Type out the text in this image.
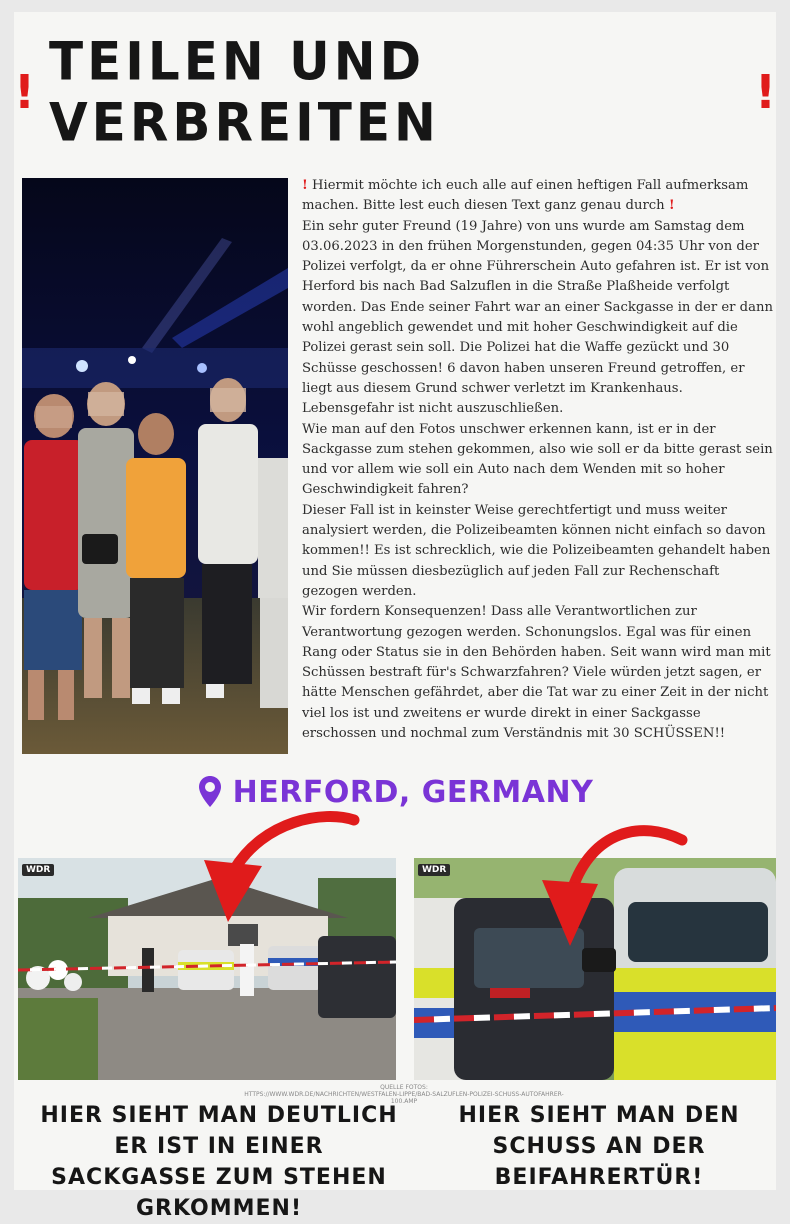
! TEILEN UND VERBREITEN	!

! Hiermit möchte ich euch alle auf einen heftigen Fall aufmerksam machen. Bitte lest euch diesen Text ganz genau durch !

Ein sehr guter Freund (19 Jahre) von uns wurde am Samstag dem 03.06.2023 in den frühen Morgenstunden, gegen 04:35 Uhr von der Polizei verfolgt, da er ohne Führerschein Auto gefahren ist. Er ist von Herford bis nach Bad Salzuflen in die Straße Plaßheide verfolgt worden. Das Ende seiner Fahrt war an einer Sackgasse in der er dann wohl angeblich gewendet und mit hoher Geschwindigkeit auf die Polizei gerast sein soll. Die Polizei hat die Waffe gezückt und 30 Schüsse geschossen! 6 davon haben unseren Freund getroffen, er liegt aus diesem Grund schwer verletzt im Krankenhaus. Lebensgefahr ist nicht auszuschließen.

Wie man auf den Fotos unschwer erkennen kann, ist er in der Sackgasse zum stehen gekommen, also wie soll er da bitte gerast sein und vor allem wie soll ein Auto nach dem Wenden mit so hoher Geschwindigkeit fahren?

Dieser Fall ist in keinster Weise gerechtfertigt und muss weiter analysiert werden, die Polizeibeamten können nicht einfach so davon kommen!! Es ist schrecklich, wie die Polizeibeamten gehandelt haben und Sie müssen diesbezüglich auf jeden Fall zur Rechenschaft gezogen werden.

Wir fordern Konsequenzen! Dass alle Verantwortlichen zur Verantwortung gezogen werden. Schonungslos. Egal was für einen Rang oder Status sie in den Behörden haben. Seit wann wird man mit Schüssen bestraft für's Schwarzfahren? Viele würden jetzt sagen, er hätte Menschen gefährdet, aber die Tat war zu einer Zeit in der nicht viel los ist und zweitens er wurde direkt in einer Sackgasse erschossen und nochmal zum Verständnis mit 30 SCHÜSSEN!!

HERFORD, GERMANY
WDR	WDR
QUELLE FOTOS:
HTTPS://WWW.WDR.DE/NACHRICHTEN/WESTFALEN-LIPPE/BAD-SALZUFLEN-POLIZEI-SCHUSS-AUTOFAHRER-100.AMP
HIER SIEHT MAN DEUTLICH ER IST IN EINER SACKGASSE ZUM STEHEN GRKOMMEN!
HIER SIEHT MAN DEN SCHUSS AN DER BEIFAHRERTÜR!
